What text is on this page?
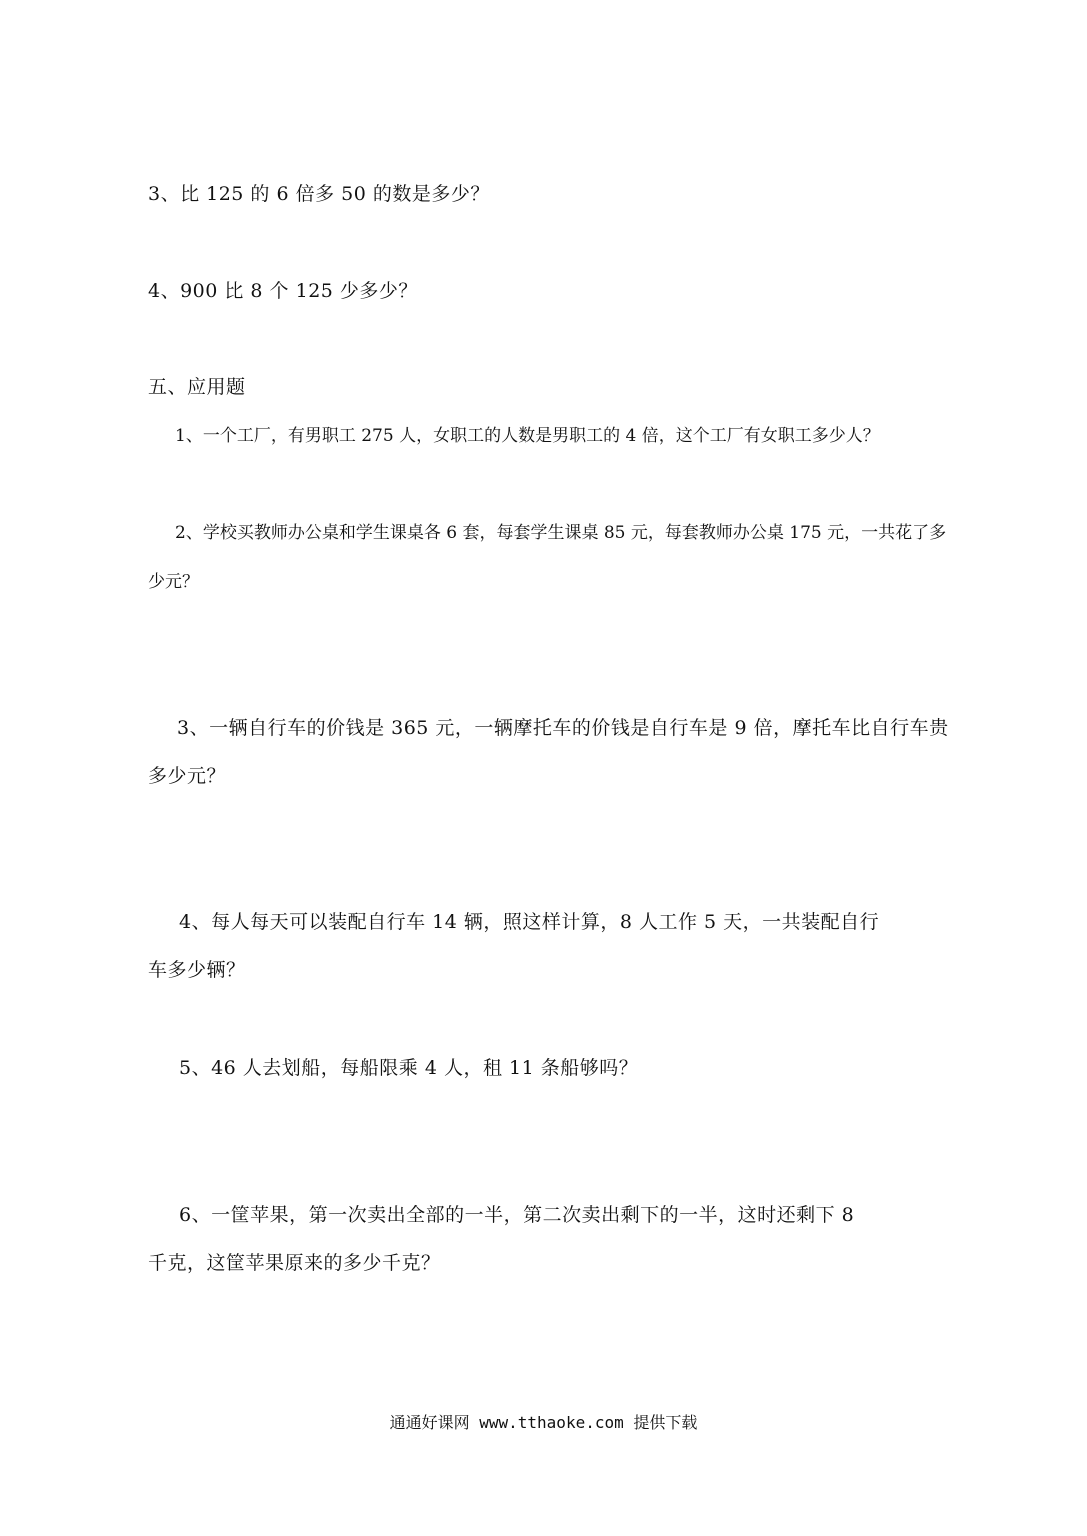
3、比 125 的 6 倍多 50 的数是多少？
4、900 比 8 个 125 少多少？
五、应用题
1、一个工厂，有男职工 275 人，女职工的人数是男职工的 4 倍，这个工厂有女职工多少人？
2、学校买教师办公桌和学生课桌各 6 套，每套学生课桌 85 元，每套教师办公桌 175 元，一共花了多
少元？
3、一辆自行车的价钱是 365 元，一辆摩托车的价钱是自行车是 9 倍，摩托车比自行车贵
多少元？
4、每人每天可以装配自行车 14 辆，照这样计算，8 人工作 5 天，一共装配自行
车多少辆？
5、46 人去划船，每船限乘 4 人，租 11 条船够吗？
6、一筐苹果，第一次卖出全部的一半，第二次卖出剩下的一半，这时还剩下 8
千克，这筐苹果原来的多少千克？
通通好课网 www.tthaoke.com 提供下载
